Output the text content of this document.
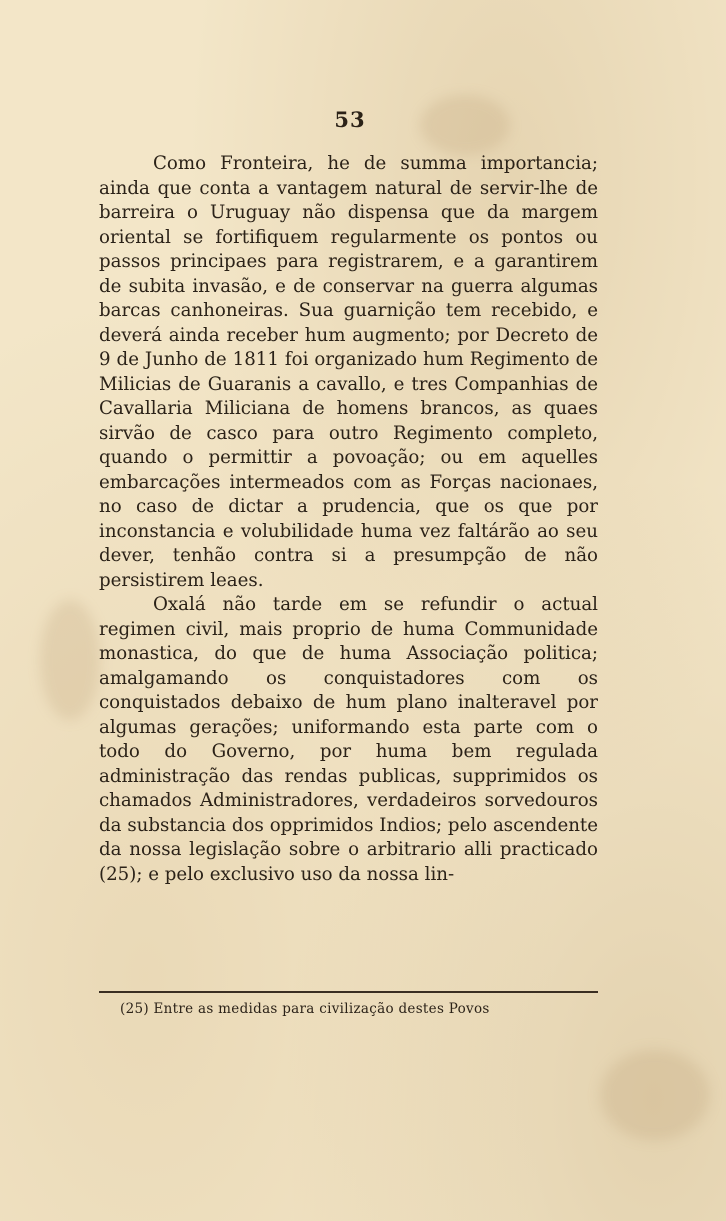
53

Como Fronteira, he de summa importancia; ainda que conta a vantagem natural de servir-lhe de barreira o Uruguay não dispensa que da margem oriental se fortifiquem regularmente os pontos ou passos principaes para registrarem, e a garantirem de subita invasão, e de conservar na guerra algumas barcas canhoneiras. Sua guarnição tem recebido, e deverá ainda receber hum augmento; por Decreto de 9 de Junho de 1811 foi organizado hum Regimento de Milicias de Guaranis a cavallo, e tres Companhias de Cavallaria Miliciana de homens brancos, as quaes sirvão de casco para outro Regimento completo, quando o permittir a povoação; ou em aquelles embarcações intermeados com as Forças nacionaes, no caso de dictar a prudencia, que os que por inconstancia e volubilidade huma vez faltárão ao seu dever, tenhão contra si a presumpção de não persistirem leaes.

Oxalá não tarde em se refundir o actual regimen civil, mais proprio de huma Communidade monastica, do que de huma Associação politica; amalgamando os conquistadores com os conquistados debaixo de hum plano inalteravel por algumas gerações; uniformando esta parte com o todo do Governo, por huma bem regulada administração das rendas publicas, supprimidos os chamados Administradores, verdadeiros sorvedouros da substancia dos opprimidos Indios; pelo ascendente da nossa legislação sobre o arbitrario alli practicado (25); e pelo exclusivo uso da nossa lin-

(25) Entre as medidas para civilização destes Povos
